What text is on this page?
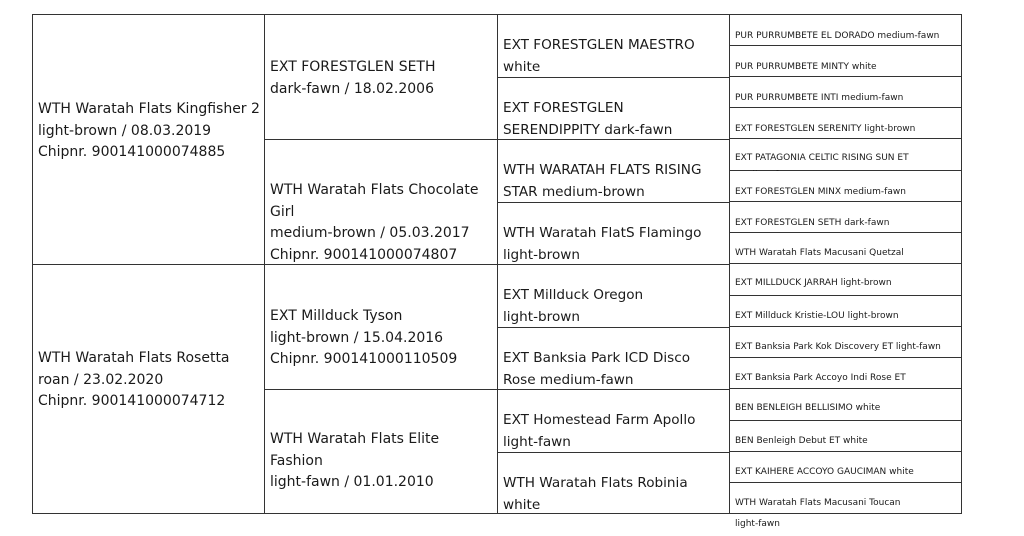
WTH Waratah Flats Kingfisher 2
light-brown / 08.03.2019
Chipnr. 900141000074885
WTH Waratah Flats Rosetta
roan / 23.02.2020
Chipnr. 900141000074712
EXT FORESTGLEN SETH
dark-fawn / 18.02.2006
WTH Waratah Flats Chocolate
Girl
medium-brown / 05.03.2017
Chipnr. 900141000074807
EXT Millduck Tyson
light-brown / 15.04.2016
Chipnr. 900141000110509
WTH Waratah Flats Elite
Fashion
light-fawn / 01.01.2010
EXT FORESTGLEN MAESTRO
white
EXT FORESTGLEN
SERENDIPPITY dark-fawn
WTH WARATAH FLATS RISING
STAR medium-brown
WTH Waratah FlatS Flamingo
light-brown
EXT Millduck Oregon
light-brown
EXT Banksia Park ICD Disco
Rose medium-fawn
EXT Homestead Farm Apollo
light-fawn
WTH Waratah Flats Robinia
white
PUR PURRUMBETE EL DORADO medium-fawn
PUR PURRUMBETE MINTY white
PUR PURRUMBETE INTI medium-fawn
EXT FORESTGLEN SERENITY light-brown
EXT PATAGONIA CELTIC RISING SUN ET

EXT FORESTGLEN MINX medium-fawn
EXT FORESTGLEN SETH dark-fawn
WTH Waratah Flats Macusani Quetzal

EXT MILLDUCK JARRAH light-brown
EXT Millduck Kristie-LOU light-brown
EXT Banksia Park Kok Discovery ET light-fawn
EXT Banksia Park Accoyo Indi Rose ET

BEN BENLEIGH BELLISIMO white
BEN Benleigh Debut ET white
EXT KAIHERE ACCOYO GAUCIMAN white
WTH Waratah Flats Macusani Toucan

light-fawn
